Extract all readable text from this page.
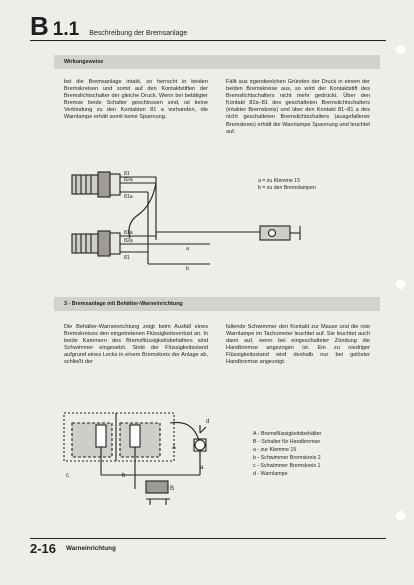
B 1.1 Beschreibung der Bremsanlage
Wirkungsweise

bei die Bremsanlage intakt, so herrscht in beiden Bremskreisen und somit auf den Kontaktstiften der Bremslichtschalter der gleiche Druck. Wenn bei betätigter Bremse beide Schalter geschlossen sind, ist keine Verbindung zu den Kontakten 81 a vorhanden, die Warnlampe erhält somit keine Spannung.

Fällt aus irgendwelchen Gründen der Druck in einem der beiden Bremskreise aus, so wird der Kontaktstift des Bremslichtschalters nicht mehr gedrückt. Über den Kontakt 82a–81 des geschalteten Bremslichtschalters (intakter Bremskreis) und über den Kontakt 81–81 a des nicht geschalteten Bremslichtschalters (ausgefallener Bremskreis) erhält die Warnlampe Spannung und leuchtet auf.

81
82a
81a
81a
82a
81
a
b
a = zu Klemme 15
b = zu den Bremslampen
3 - Bremsanlage mit Behälter-Warneinrichtung

Die Behälter-Warneinrichtung zeigt beim Ausfall eines Bremskreises den eingetretenen Flüssigkeitsverlust an. In beide Kammern des Bremsflüssigkeitsbehälters sind Schwimmer eingesetzt. Sinkt der Flüssigkeitsstand aufgrund eines Lecks in einem Bremskreis der Anlage ab, schließt der

fallende Schwimmer den Kontakt zur Masse und die rote Warnlampe im Tachometer leuchtet auf. Sie leuchtet auch dann auf, wenn bei eingeschalteter Zündung die Handbremse angezogen ist. Ein zu niedriger Flüssigkeitsstand wird deshalb nur bei gelöster Handbremse angezeigt.

A
B
a
b
c
d
A - Bremsflüssigkeitsbehälter
B - Schalter für Handbremse
a - zur Klemme 15
b - Schwimmer Bremskreis 2
c - Schwimmer Bremskreis 1
d - Warnlampe
2-16 Warneinrichtung
